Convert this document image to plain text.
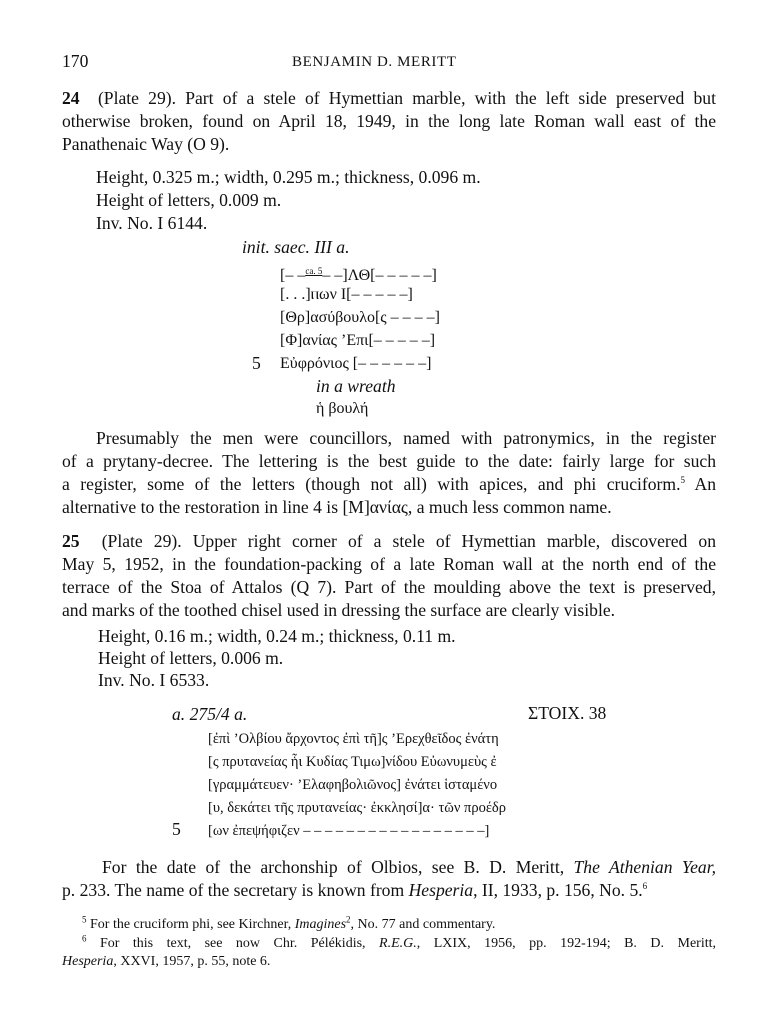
170	BENJAMIN D. MERITT
24 (Plate 29). Part of a stele of Hymettian marble, with the left side preserved but
otherwise broken, found on April 18, 1949, in the long late Roman wall east of the
Panathenaic Way (O 9).
Height, 0.325 m.; width, 0.295 m.; thickness, 0.096 m.
Height of letters, 0.009 m.
Inv. No. I 6144.
init. saec. III a.
[– –$^{ca. 5}$– –]ΛΘ[– – – – –]
[. . .]ⲡων Ι[– – – – –]
[Θρ]ασύβουλο[ς – – – –]
[Φ]ανίας ’Επι[– – – – –]
5 Εὐφρόνιος [– – – – – –]
in a wreath
ἡ βουλή
Presumably the men were councillors, named with patronymics, in the register
of a prytany-decree. The lettering is the best guide to the date: fairly large for such
a register, some of the letters (though not all) with apices, and phi cruciform.$^5$ An
alternative to the restoration in line 4 is [M]ανίας, a much less common name.
25 (Plate 29). Upper right corner of a stele of Hymettian marble, discovered on
May 5, 1952, in the foundation-packing of a late Roman wall at the north end of the
terrace of the Stoa of Attalos (Q 7). Part of the moulding above the text is preserved,
and marks of the toothed chisel used in dressing the surface are clearly visible.
Height, 0.16 m.; width, 0.24 m.; thickness, 0.11 m.
Height of letters, 0.006 m.
Inv. No. I 6533.
a. 275/4 a.	ΣΤΟΙΧ. 38
[ἐπὶ ’Ολβίου ἄρχοντος ἐπὶ τῆ]ς ’Ερεχθεῖδος ἐνάτη
[ς πρυτανείας ἧι Κυδίας Τιμω]νίδου Εὐωνυμεὺς ἐ
[γραμμάτευεν· ’Ελαφηβολιῶνος] ἐνάτει ἱσταμένο
[υ, δεκάτει τῆς πρυτανείας· ἐκκλησί]α· τῶν προέδρ
5 [ων ἐπεψήφιζεν – – – – – – – – – – – – – – – – –]
For the date of the archonship of Olbios, see B. D. Meritt, The Athenian Year,
p. 233. The name of the secretary is known from Hesperia, II, 1933, p. 156, No. 5.$^6$
$^5$ For the cruciform phi, see Kirchner, Imagines$^2$, No. 77 and commentary.
$^6$ For this text, see now Chr. Pélékidis, R.E.G., LXIX, 1956, pp. 192-194; B. D. Meritt,
Hesperia, XXVI, 1957, p. 55, note 6.
